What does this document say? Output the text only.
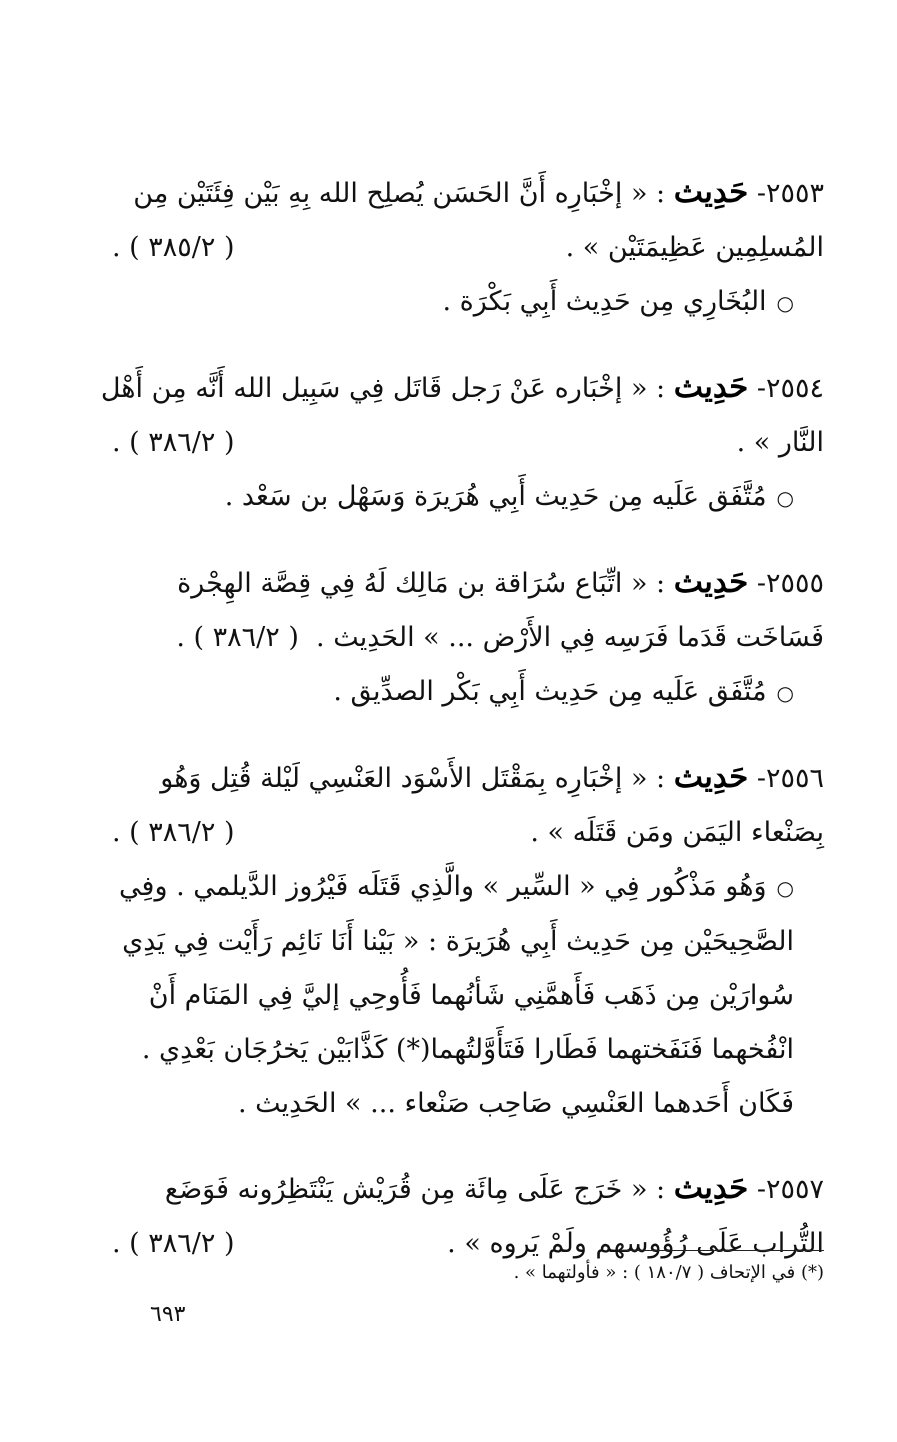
٢٥٥٣- حَدِيث : « إخْبَارِه أَنَّ الحَسَن يُصلِح الله بِهِ بَيْن فِئَتَيْن مِن
المُسلِمِين عَظِيمَتَيْن » .
( ٣٨٥/٢ ) .
○البُخَارِي مِن حَدِيث أَبِي بَكْرَة .
٢٥٥٤- حَدِيث : « إخْبَاره عَنْ رَجل قَاتَل فِي سَبِيل الله أَنَّه مِن أَهْل
النَّار » .
( ٣٨٦/٢ ) .
○مُتَّفَق عَلَيه مِن حَدِيث أَبِي هُرَيرَة وَسَهْل بن سَعْد .
٢٥٥٥- حَدِيث : « اتِّبَاع سُرَاقة بن مَالِك لَهُ فِي قِصَّة الهِجْرة
فَسَاخَت قَدَما فَرَسِه فِي الأَرْض ... » الحَدِيث .  ( ٣٨٦/٢ ) .
○مُتَّفَق عَلَيه مِن حَدِيث أَبِي بَكْر الصدِّيق .
٢٥٥٦- حَدِيث : « إخْبَارِه بِمَقْتَل الأَسْوَد العَنْسِي لَيْلة قُتِل وَهُو
بِصَنْعاء اليَمَن ومَن قَتَلَه » .
( ٣٨٦/٢ ) .
○وَهُو مَذْكُور فِي « السِّير » والَّذِي قَتَلَه فَيْرُوز الدَّيلمي . وفِي
الصَّحِيحَيْن مِن حَدِيث أَبِي هُرَيرَة : « بَيْنا أَنَا نَائِم رَأَيْت فِي يَدِي
سُوارَيْن مِن ذَهَب فَأَهمَّنِي شَأنُهما فَأُوحِي إليَّ فِي المَنَام أَنْ
انْفُخهما فَنَفَختهما فَطَارا فَتَأَوَّلتُهما(*) كَذَّابَيْن يَخرُجَان بَعْدِي .
فَكَان أَحَدهما العَنْسِي صَاحِب صَنْعاء ... » الحَدِيث .
٢٥٥٧- حَدِيث : « خَرَج عَلَى مِائَة مِن قُرَيْش يَنْتَظِرُونه فَوَضَع
التُّراب عَلَى رُؤُوسهم ولَمْ يَروه » .
( ٣٨٦/٢ ) .
(*) في الإتحاف ( ١٨٠/٧ ) : « فأولتهما » .
٦٩٣
